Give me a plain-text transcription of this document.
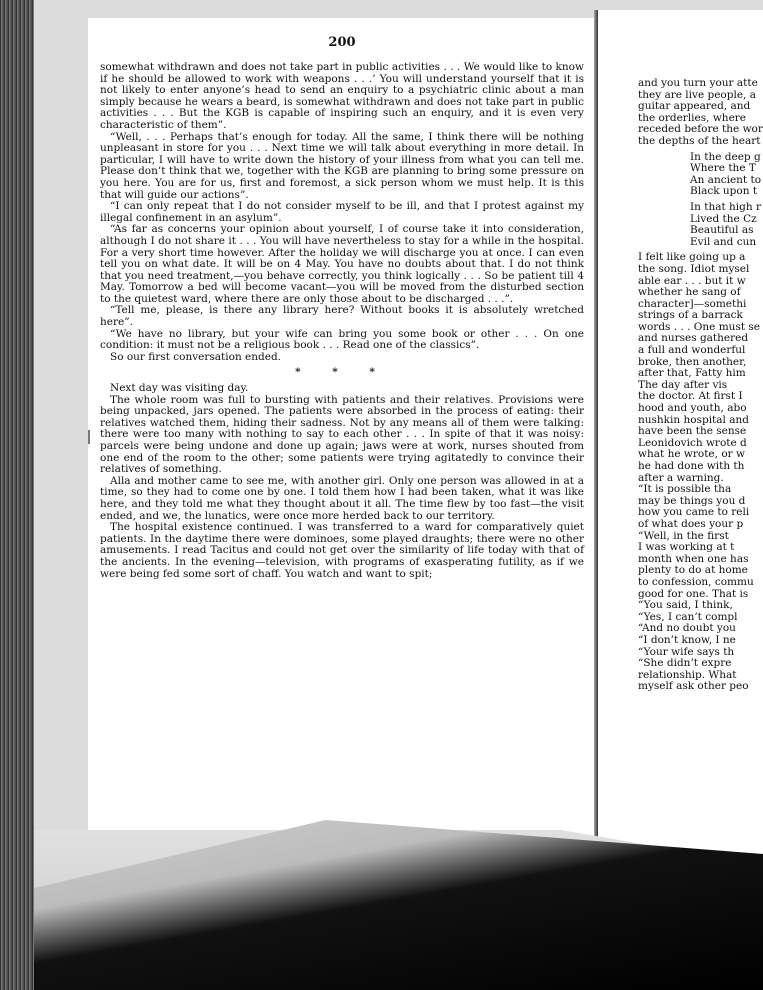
200

somewhat withdrawn and does not take part in public activities . . . We would like to know if he should be allowed to work with weapons . . .’ You will understand yourself that it is not likely to enter anyone’s head to send an enquiry to a psychiatric clinic about a man simply because he wears a beard, is somewhat withdrawn and does not take part in public activities . . . But the KGB is capable of inspiring such an enquiry, and it is even very characteristic of them”.

“Well, . . . Perhaps that’s enough for today. All the same, I think there will be nothing unpleasant in store for you . . . Next time we will talk about everything in more detail. In particular, I will have to write down the history of your illness from what you can tell me. Please don’t think that we, together with the KGB are planning to bring some pressure on you here. You are for us, first and foremost, a sick person whom we must help. It is this that will guide our actions”.

“I can only repeat that I do not consider myself to be ill, and that I protest against my illegal confinement in an asylum”.

“As far as concerns your opinion about yourself, I of course take it into consideration, although I do not share it . . . You will have nevertheless to stay for a while in the hospital. For a very short time however. After the holiday we will discharge you at once. I can even tell you on what date. It will be on 4 May. You have no doubts about that. I do not think that you need treatment,—you behave correctly, you think logically . . . So be patient till 4 May. Tomorrow a bed will become vacant—you will be moved from the disturbed section to the quietest ward, where there are only those about to be discharged . . .”.

“Tell me, please, is there any library here? Without books it is absolutely wretched here”.

“We have no library, but your wife can bring you some book or other . . . On one condition: it must not be a religious book . . . Read one of the classics”.

So our first conversation ended.

* * *

Next day was visiting day.

The whole room was full to bursting with patients and their relatives. Provisions were being unpacked, jars opened. The patients were absorbed in the process of eating: their relatives watched them, hiding their sadness. Not by any means all of them were talking: there were too many with nothing to say to each other . . . In spite of that it was noisy: parcels were being undone and done up again; jaws were at work, nurses shouted from one end of the room to the other; some patients were trying agitatedly to convince their relatives of something.

Alla and mother came to see me, with another girl. Only one person was allowed in at a time, so they had to come one by one. I told them how I had been taken, what it was like here, and they told me what they thought about it all. The time flew by too fast—the visit ended, and we, the lunatics, were once more herded back to our territory.

The hospital existence continued. I was transferred to a ward for comparatively quiet patients. In the daytime there were dominoes, some played draughts; there were no other amusements. I read Tacitus and could not get over the similarity of life today with that of the ancients. In the evening—television, with programs of exasperating futility, as if we were being fed some sort of chaff. You watch and want to spit;

and you turn your atte
they are live people, a
guitar appeared, and
the orderlies, where
receded before the wor
the depths of the heart
In the deep g
Where the T
An ancient to
Black upon t
In that high r
Lived the Cz
Beautiful as
Evil and cun
I felt like going up a
the song. Idiot mysel
able ear . . . but it w
whether he sang of
character]—somethi
strings of a barrack
words . . . One must se
and nurses gathered
a full and wonderful
broke, then another,
after that, Fatty him
The day after vis
the doctor. At first I
hood and youth, abo
nushkin hospital and
have been the sense
Leonidovich wrote d
what he wrote, or w
he had done with th
after a warning.
“It is possible tha
may be things you d
how you came to reli
of what does your p
“Well, in the first
I was working at t
month when one has
plenty to do at home
to confession, commu
good for one. That is
“You said, I think,
“Yes, I can’t compl
“And no doubt you
“I don’t know, I ne
“Your wife says th
“She didn’t expre
relationship. What
myself ask other peo
